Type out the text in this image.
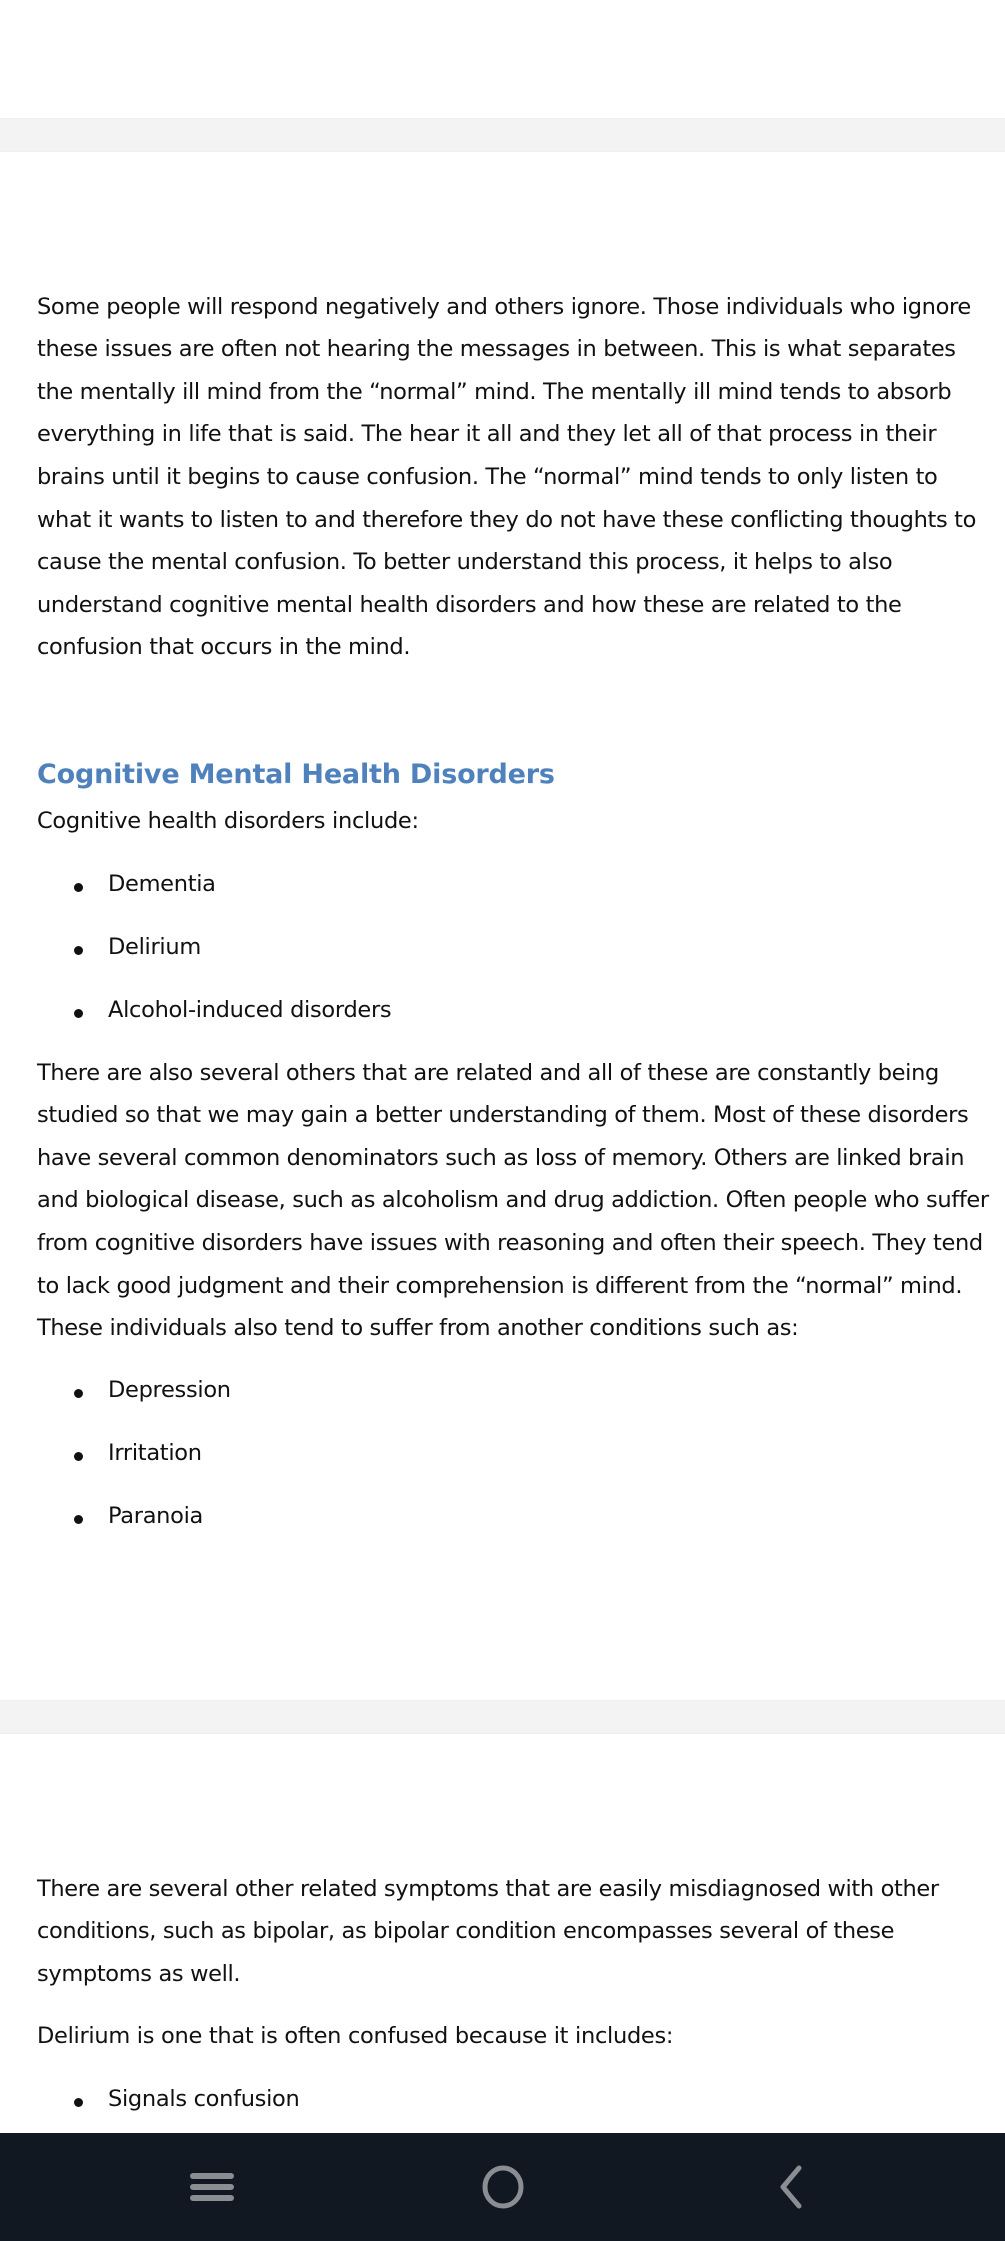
Some people will respond negatively and others ignore. Those individuals who ignore
these issues are often not hearing the messages in between. This is what separates
the mentally ill mind from the “normal” mind. The mentally ill mind tends to absorb
everything in life that is said. The hear it all and they let all of that process in their
brains until it begins to cause confusion. The “normal” mind tends to only listen to
what it wants to listen to and therefore they do not have these conflicting thoughts to
cause the mental confusion. To better understand this process, it helps to also
understand cognitive mental health disorders and how these are related to the
confusion that occurs in the mind.
Cognitive Mental Health Disorders
Cognitive health disorders include:
Dementia
Delirium
Alcohol-induced disorders
There are also several others that are related and all of these are constantly being
studied so that we may gain a better understanding of them. Most of these disorders
have several common denominators such as loss of memory. Others are linked brain
and biological disease, such as alcoholism and drug addiction. Often people who suffer
from cognitive disorders have issues with reasoning and often their speech. They tend
to lack good judgment and their comprehension is different from the “normal” mind.
These individuals also tend to suffer from another conditions such as:
Depression
Irritation
Paranoia
There are several other related symptoms that are easily misdiagnosed with other
conditions, such as bipolar, as bipolar condition encompasses several of these
symptoms as well.
Delirium is one that is often confused because it includes:
Signals confusion
